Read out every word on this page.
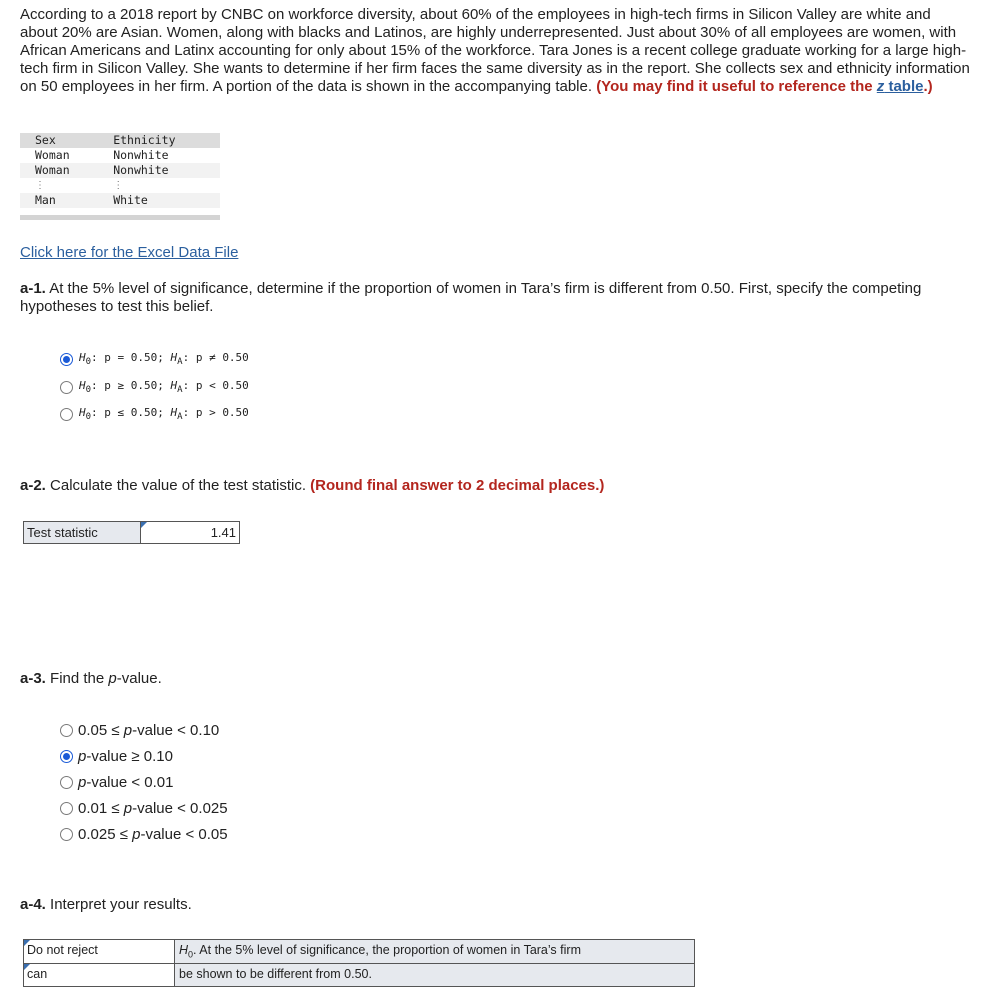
According to a 2018 report by CNBC on workforce diversity, about 60% of the employees in high-tech firms in Silicon Valley are white and about 20% are Asian. Women, along with blacks and Latinos, are highly underrepresented. Just about 30% of all employees are women, with African Americans and Latinx accounting for only about 15% of the workforce. Tara Jones is a recent college graduate working for a large high-tech firm in Silicon Valley. She wants to determine if her firm faces the same diversity as in the report. She collects sex and ethnicity information on 50 employees in her firm. A portion of the data is shown in the accompanying table. (You may find it useful to reference the z table.)
Sex	Ethnicity
Woman	Nonwhite
Woman	Nonwhite
⋮	⋮
Man	White
Click here for the Excel Data File
a-1. At the 5% level of significance, determine if the proportion of women in Tara’s firm is different from 0.50. First, specify the competing hypotheses to test this belief.
$H_0$: p = 0.50; $H_A$: p ≠ 0.50
$H_0$: p ≥ 0.50; $H_A$: p < 0.50
$H_0$: p ≤ 0.50; $H_A$: p > 0.50
a-2. Calculate the value of the test statistic. (Round final answer to 2 decimal places.)
Test statistic	1.41
a-3. Find the p-value.
0.05 ≤ p-value < 0.10
p-value ≥ 0.10
p-value < 0.01
0.01 ≤ p-value < 0.025
0.025 ≤ p-value < 0.05
a-4. Interpret your results.
Do not reject	$H_0$. At the 5% level of significance, the proportion of women in Tara’s firm
can	be shown to be different from 0.50.
